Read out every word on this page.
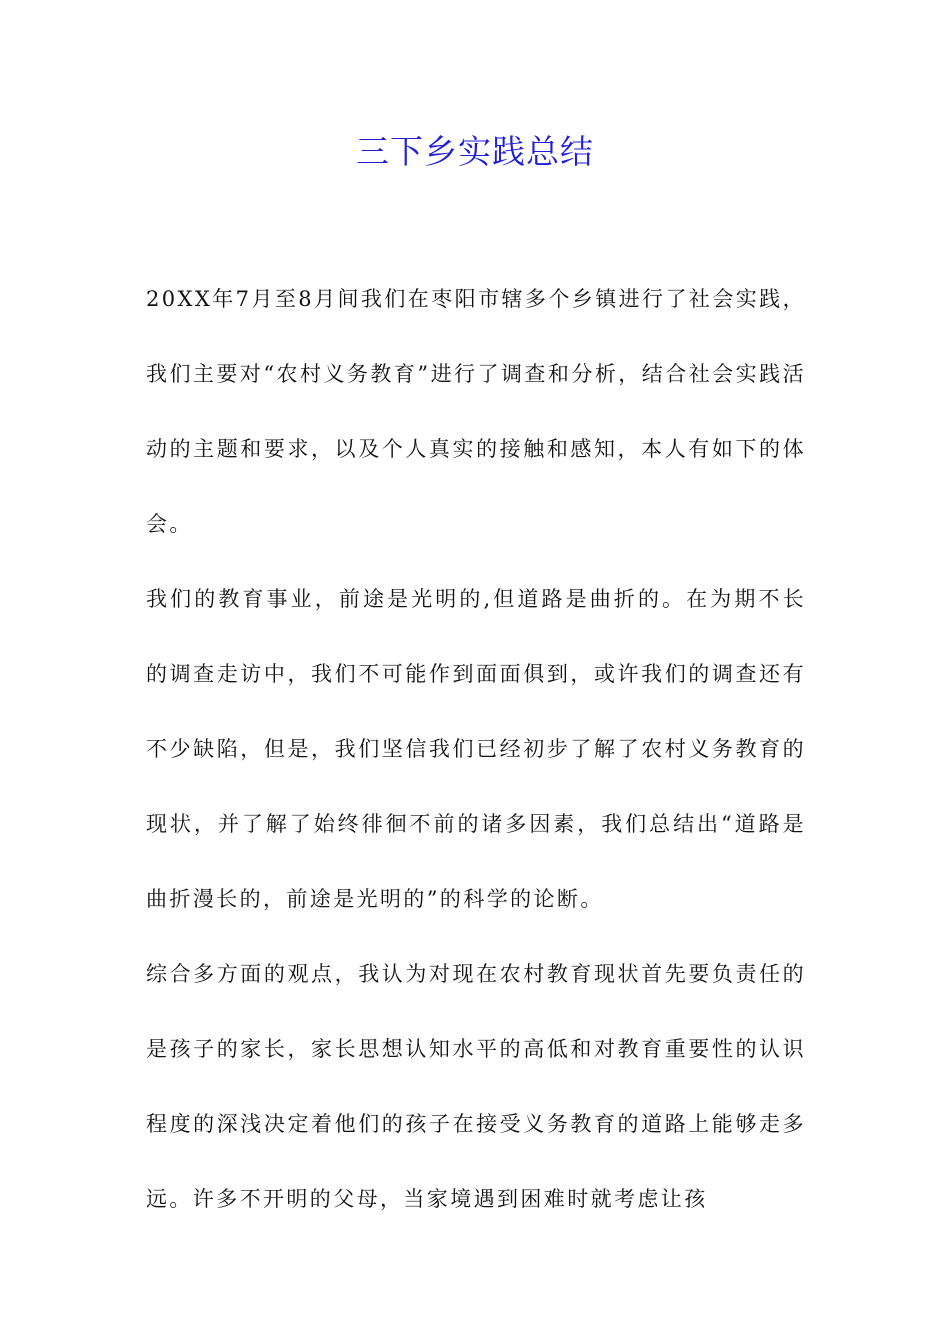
三下乡实践总结

20XX年7月至8月间我们在枣阳市辖多个乡镇进行了社会实践，我们主要对“农村义务教育”进行了调查和分析，结合社会实践活动的主题和要求，以及个人真实的接触和感知，本人有如下的体会。

我们的教育事业，前途是光明的,但道路是曲折的。在为期不长的调查走访中，我们不可能作到面面俱到，或许我们的调查还有不少缺陷，但是，我们坚信我们已经初步了解了农村义务教育的现状，并了解了始终徘徊不前的诸多因素，我们总结出“道路是曲折漫长的，前途是光明的”的科学的论断。

综合多方面的观点，我认为对现在农村教育现状首先要负责任的是孩子的家长，家长思想认知水平的高低和对教育重要性的认识程度的深浅决定着他们的孩子在接受义务教育的道路上能够走多远。许多不开明的父母，当家境遇到困难时就考虑让孩
